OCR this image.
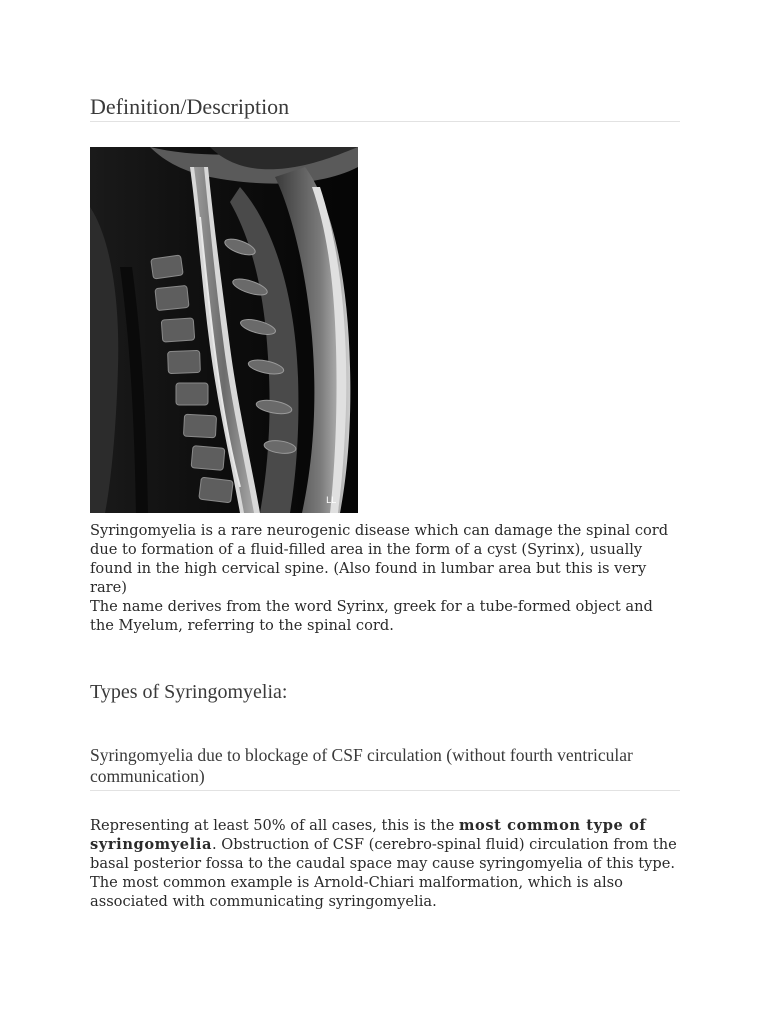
Definition/Description
LL

Syringomyelia is a rare neurogenic disease which can damage the spinal cord due to formation of a fluid-filled area in the form of a cyst (Syrinx), usually found in the high cervical spine. (Also found in lumbar area but this is very rare)

The name derives from the word Syrinx, greek for a tube-formed object and the Myelum, referring to the spinal cord.

Types of Syringomyelia:
Syringomyelia due to blockage of CSF circulation (without fourth ventricular communication)

Representing at least 50% of all cases, this is the most common type of syringomyelia. Obstruction of CSF (cerebro-spinal fluid) circulation from the basal posterior fossa to the caudal space may cause syringomyelia of this type. The most common example is Arnold-Chiari malformation, which is also associated with communicating syringomyelia.
